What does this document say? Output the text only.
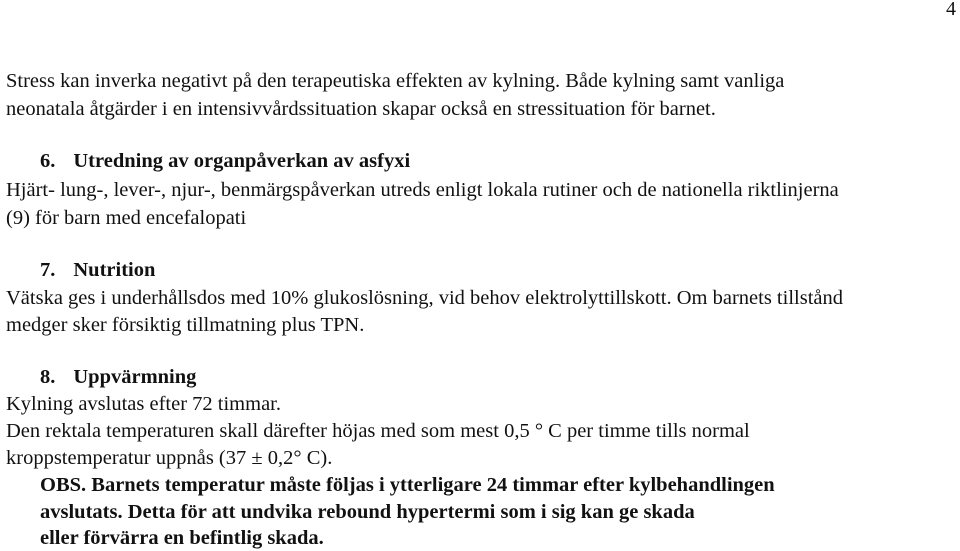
4
Stress kan inverka negativt på den terapeutiska effekten av kylning. Både kylning samt vanliga
neonatala åtgärder i en intensivvårdssituation skapar också en stressituation för barnet.
6. Utredning av organpåverkan av asfyxi
Hjärt- lung-, lever-, njur-, benmärgspåverkan utreds enligt lokala rutiner och de nationella riktlinjerna
(9) för barn med encefalopati
7. Nutrition
Vätska ges i underhållsdos med 10% glukoslösning, vid behov elektrolyttillskott. Om barnets tillstånd
medger sker försiktig tillmatning plus TPN.
8. Uppvärmning
Kylning avslutas efter 72 timmar.
Den rektala temperaturen skall därefter höjas med som mest 0,5 ° C per timme tills normal
kroppstemperatur uppnås (37 ± 0,2° C).
OBS. Barnets temperatur måste följas i ytterligare 24 timmar efter kylbehandlingen
avslutats. Detta för att undvika rebound hypertermi som i sig kan ge skada
eller förvärra en befintlig skada.
